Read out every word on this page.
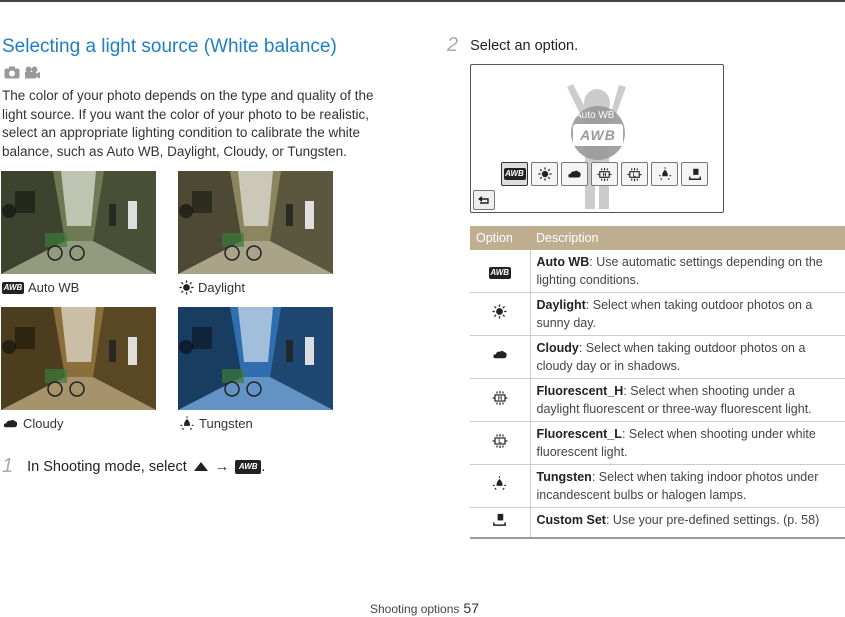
Selecting a light source (White balance)

The color of your photo depends on the type and quality of the light source. If you want the color of your photo to be realistic, select an appropriate lighting condition to calibrate the white balance, such as Auto WB, Daylight, Cloudy, or Tungsten.

AWB Auto WB	Daylight
Cloudy	Tungsten
1 In Shooting mode, select →	AWB .
2 Select an option.
Auto WB
AWB
AWB
Option	Description
AWB	Auto WB: Use automatic settings depending on the lighting conditions.
	Daylight: Select when taking outdoor photos on a sunny day.
	Cloudy: Select when taking outdoor photos on a cloudy day or in shadows.
	Fluorescent_H: Select when shooting under a daylight fluorescent or three-way fluorescent light.
	Fluorescent_L: Select when shooting under white fluorescent light.
	Tungsten: Select when taking indoor photos under incandescent bulbs or halogen lamps.
	Custom Set: Use your pre-defined settings. (p. 58)
Shooting options 57
